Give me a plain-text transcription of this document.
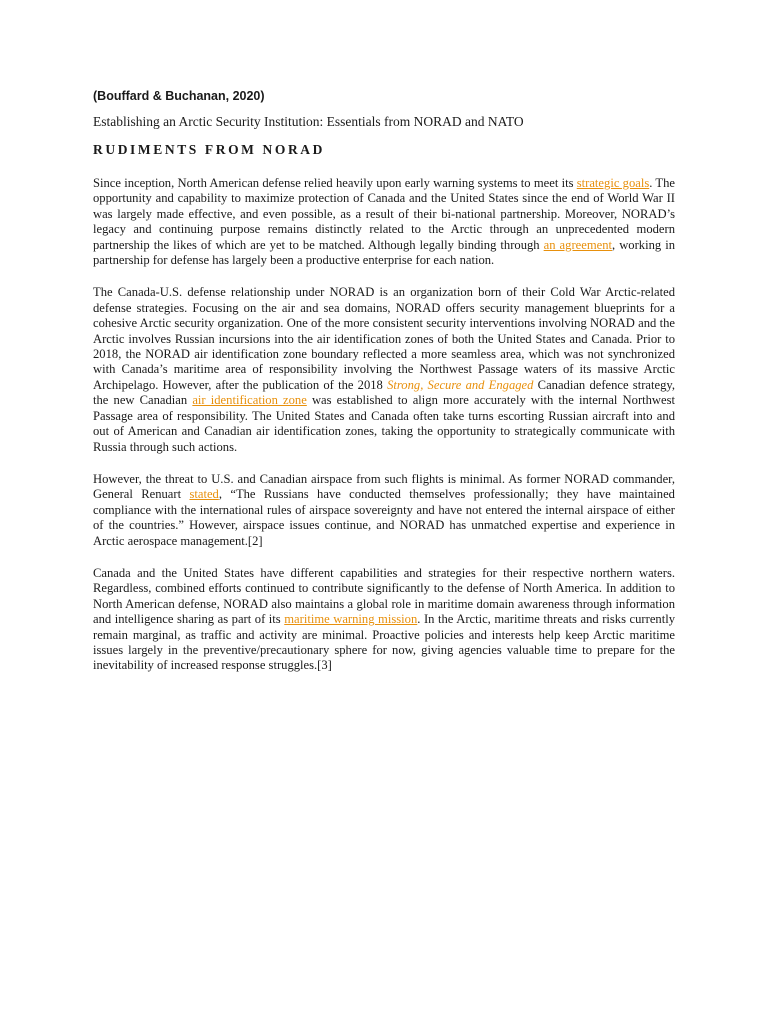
(Bouffard & Buchanan, 2020)

Establishing an Arctic Security Institution: Essentials from NORAD and NATO

RUDIMENTS FROM NORAD

Since inception, North American defense relied heavily upon early warning systems to meet its strategic goals. The opportunity and capability to maximize protection of Canada and the United States since the end of World War II was largely made effective, and even possible, as a result of their bi-national partnership. Moreover, NORAD’s legacy and continuing purpose remains distinctly related to the Arctic through an unprecedented modern partnership the likes of which are yet to be matched. Although legally binding through an agreement, working in partnership for defense has largely been a productive enterprise for each nation.

The Canada-U.S. defense relationship under NORAD is an organization born of their Cold War Arctic-related defense strategies. Focusing on the air and sea domains, NORAD offers security management blueprints for a cohesive Arctic security organization. One of the more consistent security interventions involving NORAD and the Arctic involves Russian incursions into the air identification zones of both the United States and Canada. Prior to 2018, the NORAD air identification zone boundary reflected a more seamless area, which was not synchronized with Canada’s maritime area of responsibility involving the Northwest Passage waters of its massive Arctic Archipelago. However, after the publication of the 2018 Strong, Secure and Engaged Canadian defence strategy, the new Canadian air identification zone was established to align more accurately with the internal Northwest Passage area of responsibility. The United States and Canada often take turns escorting Russian aircraft into and out of American and Canadian air identification zones, taking the opportunity to strategically communicate with Russia through such actions.

However, the threat to U.S. and Canadian airspace from such flights is minimal. As former NORAD commander, General Renuart stated, “The Russians have conducted themselves professionally; they have maintained compliance with the international rules of airspace sovereignty and have not entered the internal airspace of either of the countries.” However, airspace issues continue, and NORAD has unmatched expertise and experience in Arctic aerospace management.[2]

Canada and the United States have different capabilities and strategies for their respective northern waters. Regardless, combined efforts continued to contribute significantly to the defense of North America. In addition to North American defense, NORAD also maintains a global role in maritime domain awareness through information and intelligence sharing as part of its maritime warning mission. In the Arctic, maritime threats and risks currently remain marginal, as traffic and activity are minimal. Proactive policies and interests help keep Arctic maritime issues largely in the preventive/precautionary sphere for now, giving agencies valuable time to prepare for the inevitability of increased response struggles.[3]
